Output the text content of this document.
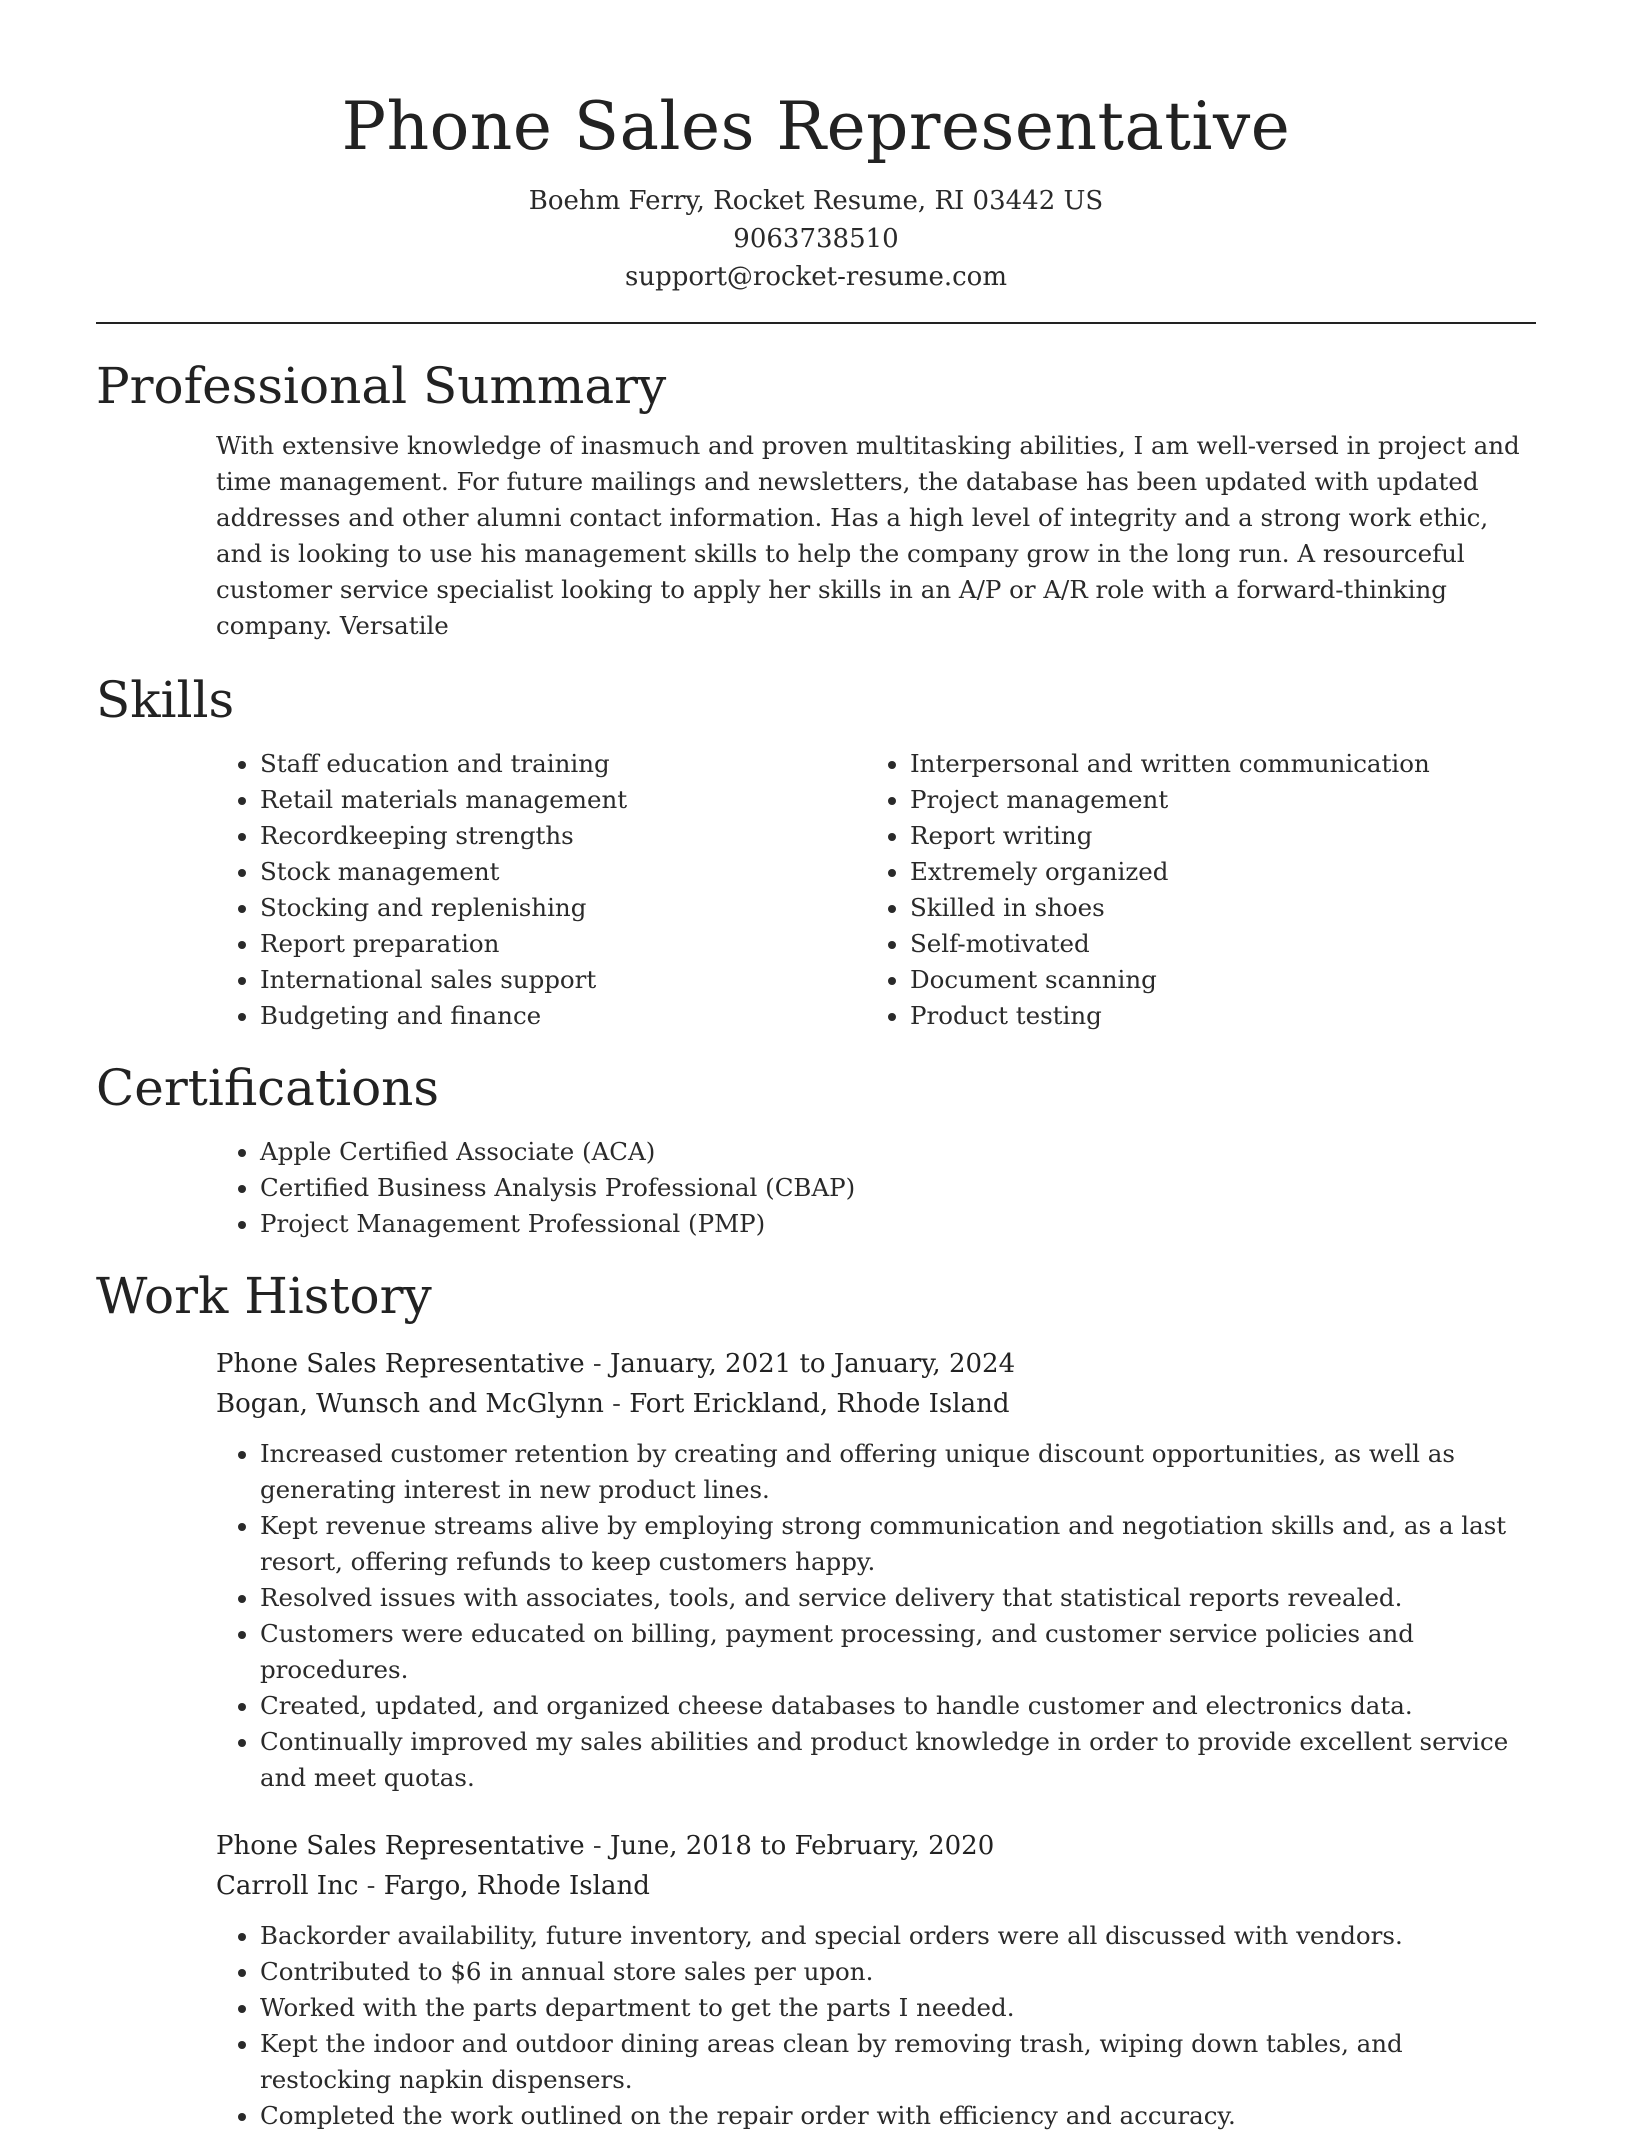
Phone Sales Representative
Boehm Ferry, Rocket Resume, RI 03442 US
9063738510
support@rocket-resume.com
Professional Summary

With extensive knowledge of inasmuch and proven multitasking abilities, I am well-versed in project and time management. For future mailings and newsletters, the database has been updated with updated addresses and other alumni contact information. Has a high level of integrity and a strong work ethic, and is looking to use his management skills to help the company grow in the long run. A resourceful customer service specialist looking to apply her skills in an A/P or A/R role with a forward-thinking company. Versatile

Skills
• Staff education and training
• Retail materials management
• Recordkeeping strengths
• Stock management
• Stocking and replenishing
• Report preparation
• International sales support
• Budgeting and finance
• Interpersonal and written communication
• Project management
• Report writing
• Extremely organized
• Skilled in shoes
• Self-motivated
• Document scanning
• Product testing
Certifications
• Apple Certified Associate (ACA)
• Certified Business Analysis Professional (CBAP)
• Project Management Professional (PMP)
Work History
Phone Sales Representative - January, 2021 to January, 2024
Bogan, Wunsch and McGlynn - Fort Erickland, Rhode Island
• Increased customer retention by creating and offering unique discount opportunities, as well as generating interest in new product lines.
• Kept revenue streams alive by employing strong communication and negotiation skills and, as a last resort, offering refunds to keep customers happy.
• Resolved issues with associates, tools, and service delivery that statistical reports revealed.
• Customers were educated on billing, payment processing, and customer service policies and procedures.
• Created, updated, and organized cheese databases to handle customer and electronics data.
• Continually improved my sales abilities and product knowledge in order to provide excellent service and meet quotas.
Phone Sales Representative - June, 2018 to February, 2020
Carroll Inc - Fargo, Rhode Island
• Backorder availability, future inventory, and special orders were all discussed with vendors.
• Contributed to $6 in annual store sales per upon.
• Worked with the parts department to get the parts I needed.
• Kept the indoor and outdoor dining areas clean by removing trash, wiping down tables, and restocking napkin dispensers.
• Completed the work outlined on the repair order with efficiency and accuracy.
